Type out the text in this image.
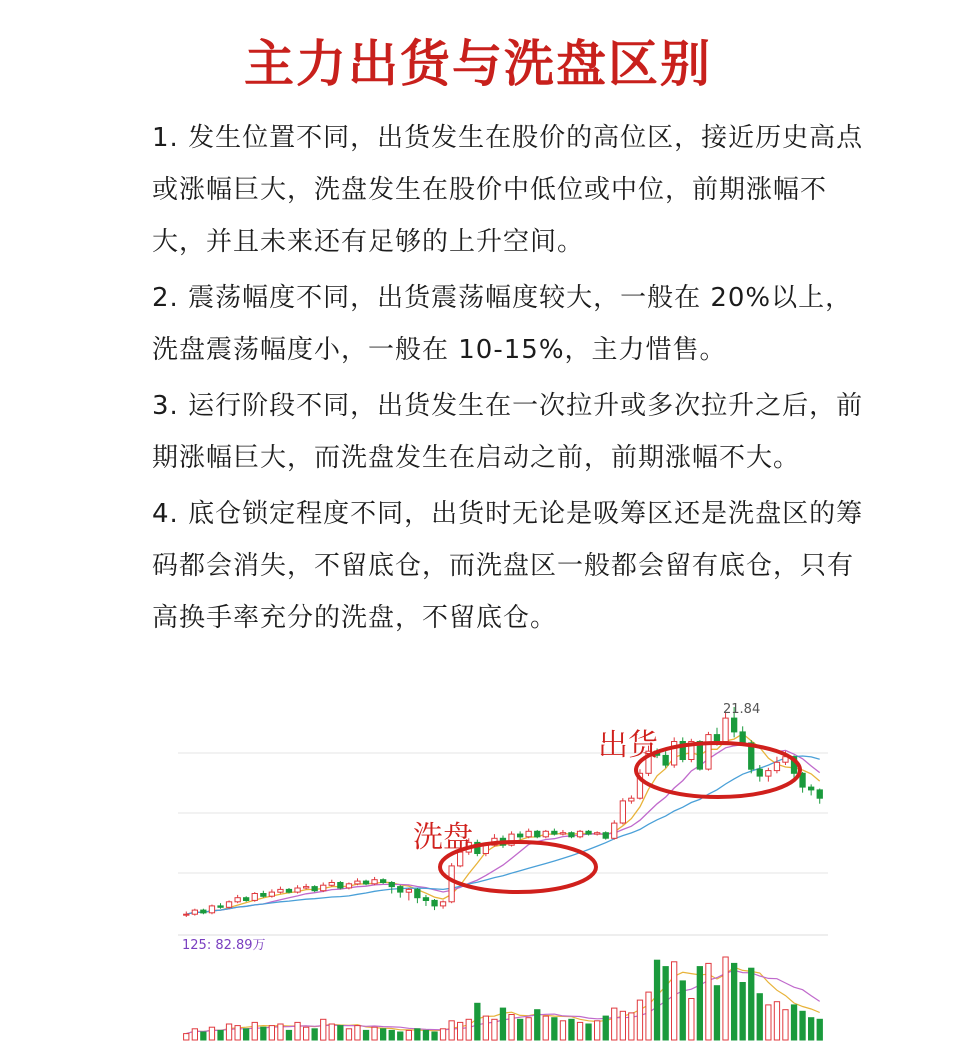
主力出货与洗盘区别

1. 发生位置不同，出货发生在股价的高位区，接近历史高点或涨幅巨大，洗盘发生在股价中低位或中位，前期涨幅不大，并且未来还有足够的上升空间。

2. 震荡幅度不同，出货震荡幅度较大，一般在 20%以上，洗盘震荡幅度小，一般在 10-15%，主力惜售。

3. 运行阶段不同，出货发生在一次拉升或多次拉升之后，前期涨幅巨大，而洗盘发生在启动之前，前期涨幅不大。

4. 底仓锁定程度不同，出货时无论是吸筹区还是洗盘区的筹码都会消失，不留底仓，而洗盘区一般都会留有底仓，只有高换手率充分的洗盘，不留底仓。

21.84
125: 82.89万
洗盘
出货
